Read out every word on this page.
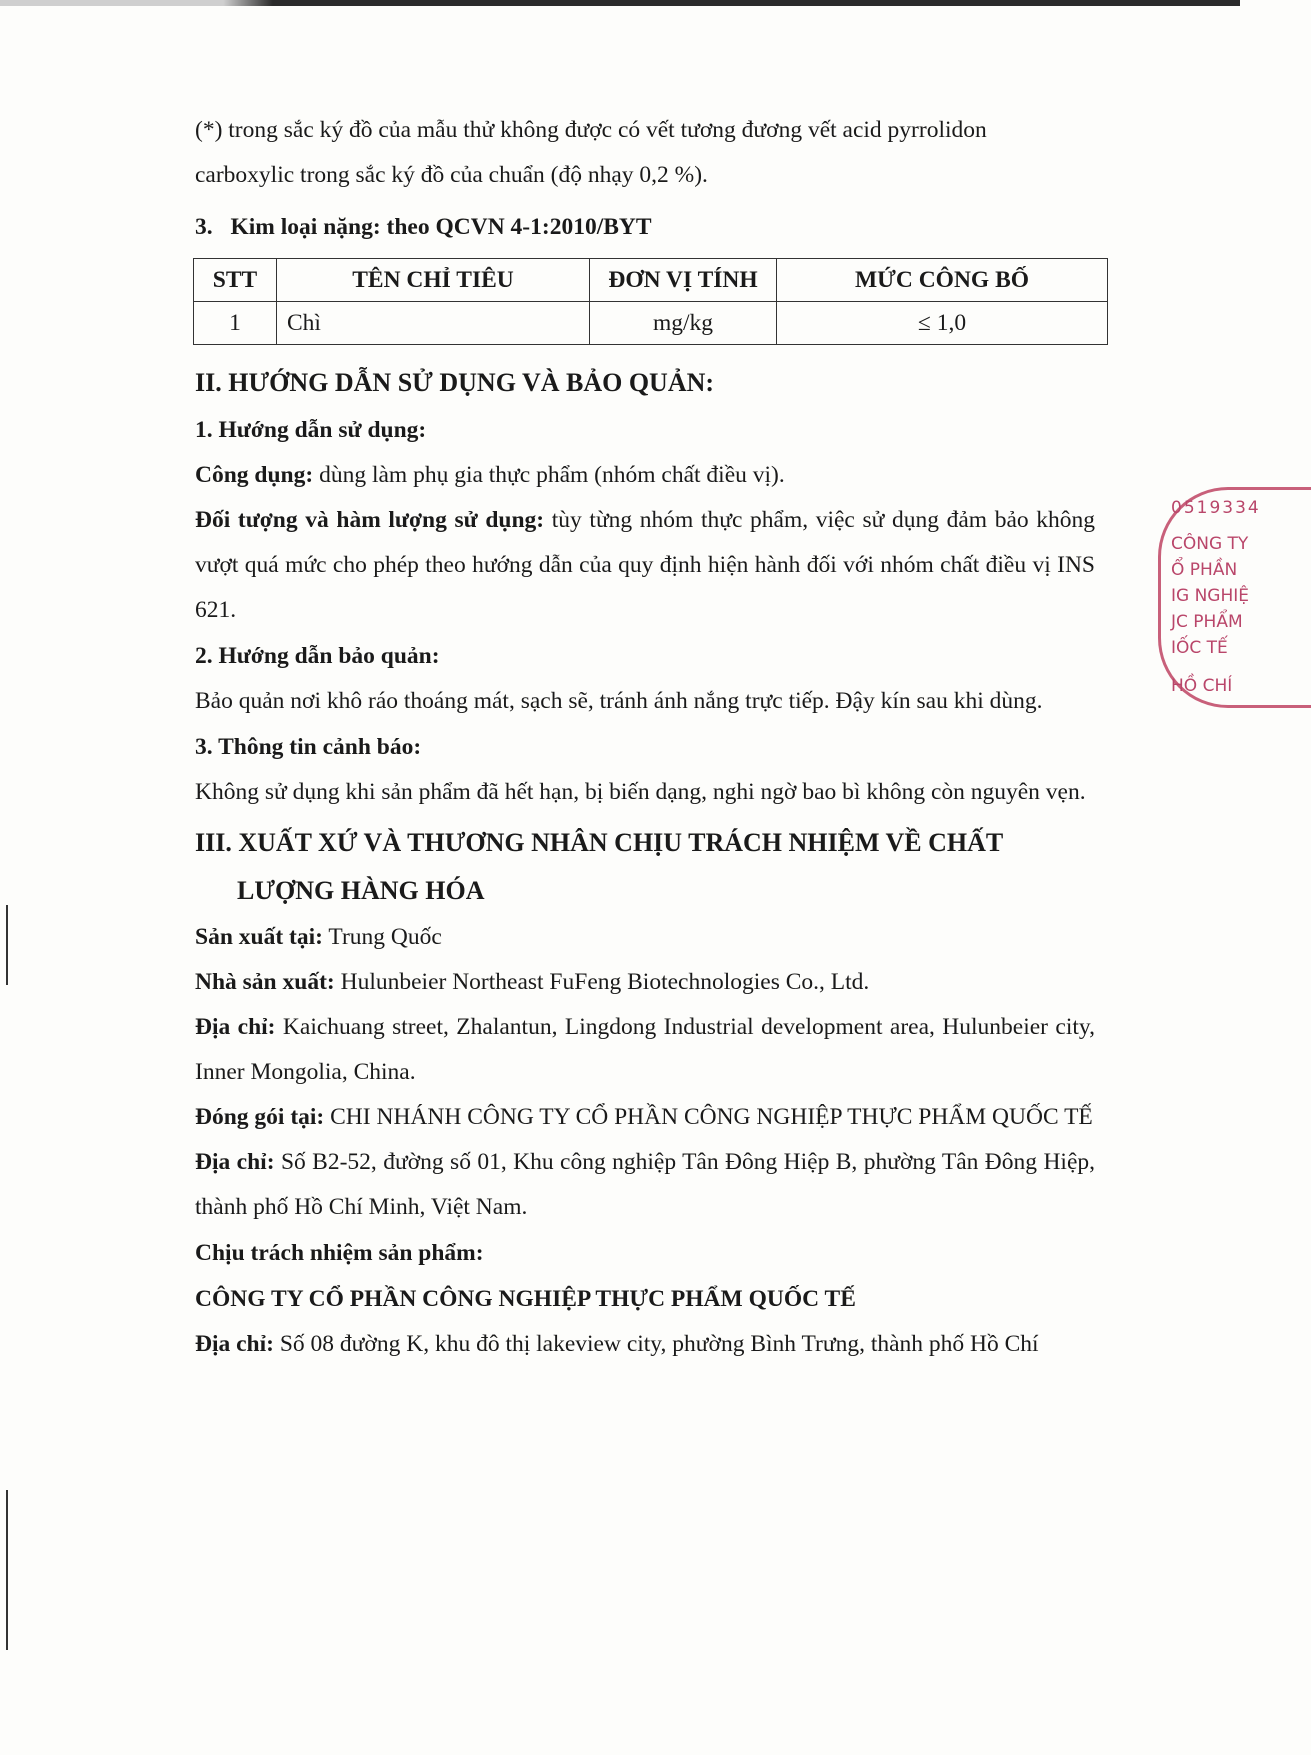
(*) trong sắc ký đồ của mẫu thử không được có vết tương đương vết acid pyrrolidon

carboxylic trong sắc ký đồ của chuẩn (độ nhạy 0,2 %).

3. Kim loại nặng: theo QCVN 4-1:2010/BYT

STT	TÊN CHỈ TIÊU	ĐƠN VỊ TÍNH	MỨC CÔNG BỐ
1	Chì	mg/kg	≤ 1,0

II. HƯỚNG DẪN SỬ DỤNG VÀ BẢO QUẢN:

1. Hướng dẫn sử dụng:

Công dụng: dùng làm phụ gia thực phẩm (nhóm chất điều vị).

Đối tượng và hàm lượng sử dụng: tùy từng nhóm thực phẩm, việc sử dụng đảm bảo không vượt quá mức cho phép theo hướng dẫn của quy định hiện hành đối với nhóm chất điều vị INS 621.

2. Hướng dẫn bảo quản:

Bảo quản nơi khô ráo thoáng mát, sạch sẽ, tránh ánh nắng trực tiếp. Đậy kín sau khi dùng.

3. Thông tin cảnh báo:

Không sử dụng khi sản phẩm đã hết hạn, bị biến dạng, nghi ngờ bao bì không còn nguyên vẹn.

III. XUẤT XỨ VÀ THƯƠNG NHÂN CHỊU TRÁCH NHIỆM VỀ CHẤT

LƯỢNG HÀNG HÓA

Sản xuất tại: Trung Quốc

Nhà sản xuất: Hulunbeier Northeast FuFeng Biotechnologies Co., Ltd.

Địa chỉ: Kaichuang street, Zhalantun, Lingdong Industrial development area, Hulunbeier city, Inner Mongolia, China.

Đóng gói tại: CHI NHÁNH CÔNG TY CỔ PHẦN CÔNG NGHIỆP THỰC PHẨM QUỐC TẾ

Địa chỉ: Số B2-52, đường số 01, Khu công nghiệp Tân Đông Hiệp B, phường Tân Đông Hiệp, thành phố Hồ Chí Minh, Việt Nam.

Chịu trách nhiệm sản phẩm:

CÔNG TY CỔ PHẦN CÔNG NGHIỆP THỰC PHẨM QUỐC TẾ

Địa chỉ: Số 08 đường K, khu đô thị lakeview city, phường Bình Trưng, thành phố Hồ Chí

0519334
CÔNG TY
Ổ PHẦN
IG NGHIỆ
JC PHẨM
IỐC TẾ
HỒ CHÍ
